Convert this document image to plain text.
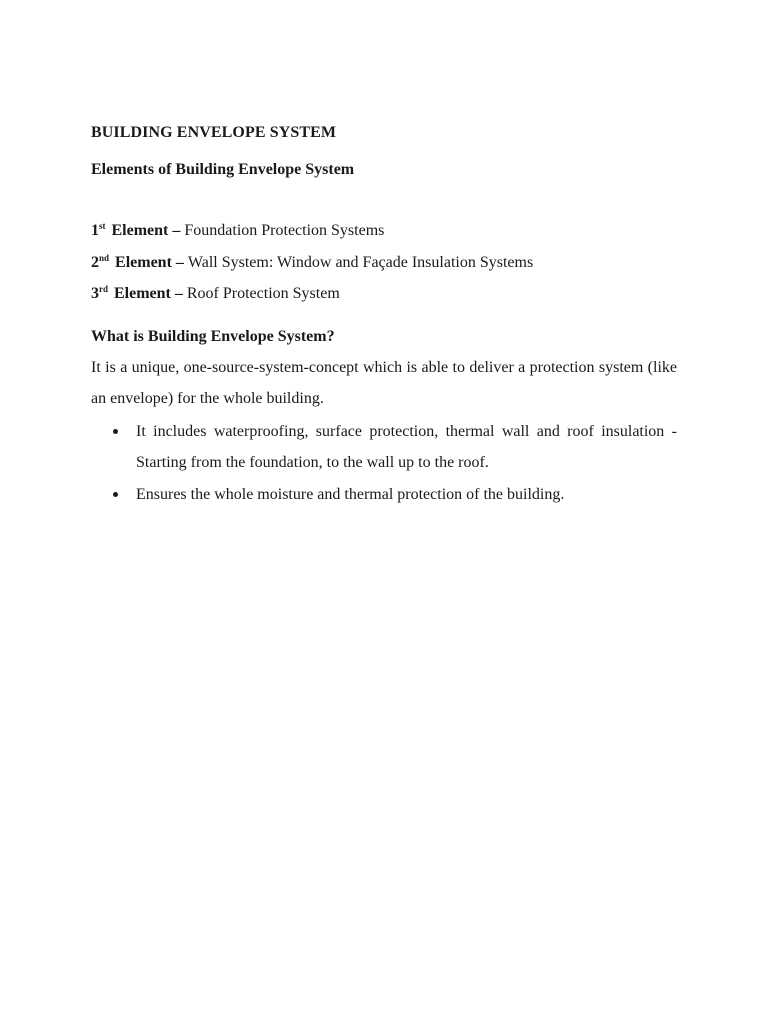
BUILDING ENVELOPE SYSTEM
Elements of Building Envelope System
1st Element – Foundation Protection Systems
2nd Element – Wall System: Window and Façade Insulation Systems
3rd Element – Roof Protection System
What is Building Envelope System?
It is a unique, one-source-system-concept which is able to deliver a protection system (like an envelope) for the whole building.
It includes waterproofing, surface protection, thermal wall and roof insulation - Starting from the foundation, to the wall up to the roof.
Ensures the whole moisture and thermal protection of the building.
